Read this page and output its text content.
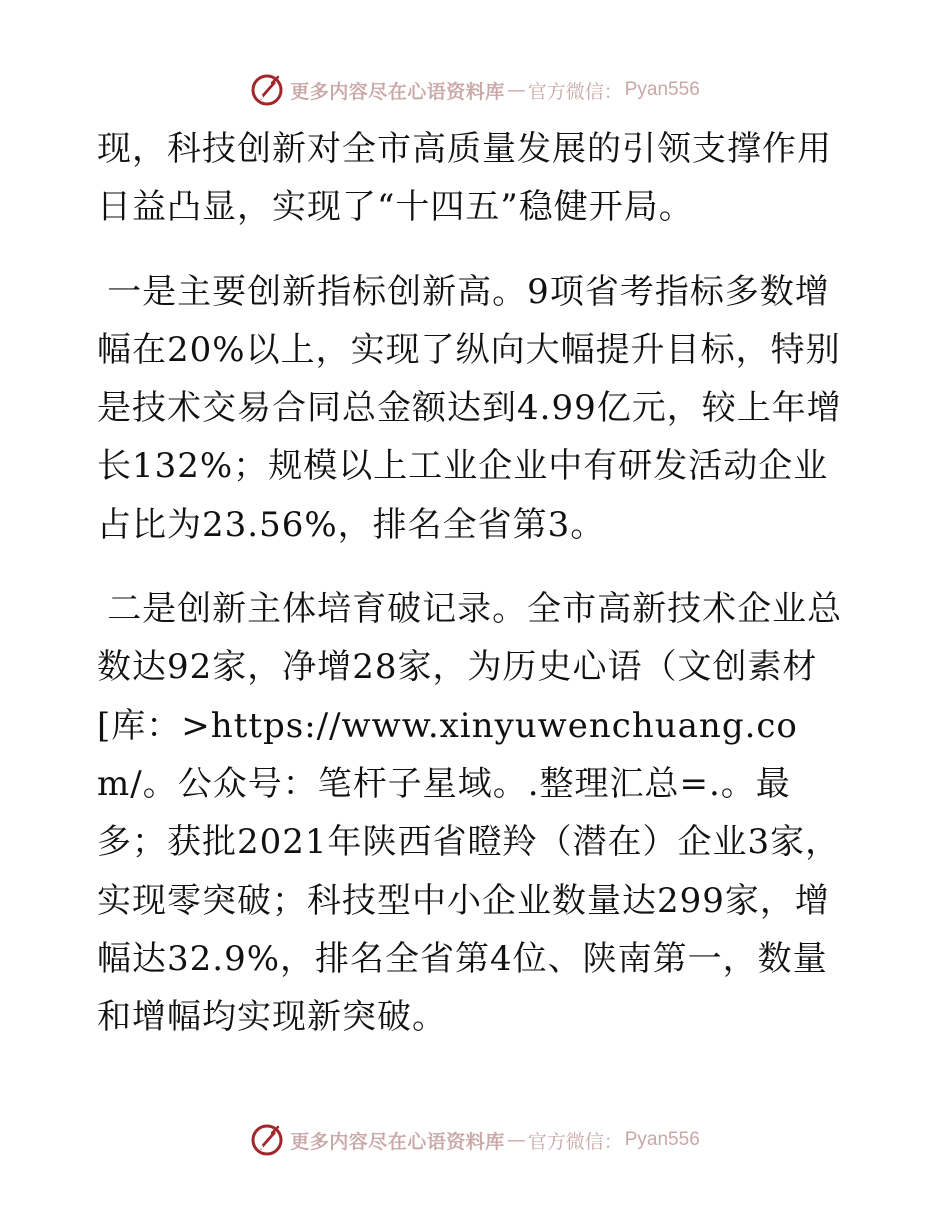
更多内容尽在心语资料库 — 官方微信： Pyan556

现，科技创新对全市高质量发展的引领支撑作用日益凸显，实现了“十四五”稳健开局。

一是主要创新指标创新高。9项省考指标多数增幅在20%以上，实现了纵向大幅提升目标，特别是技术交易合同总金额达到4.99亿元，较上年增长132%；规模以上工业企业中有研发活动企业占比为23.56%，排名全省第3。

二是创新主体培育破记录。全市高新技术企业总数达92家，净增28家，为历史心语（文创素材[库：>https://www.xinyuwenchuang.com/。公众号：笔杆子星域。.整理汇总=.。最多；获批2021年陕西省瞪羚（潜在）企业3家，实现零突破；科技型中小企业数量达299家，增幅达32.9%，排名全省第4位、陕南第一，数量和增幅均实现新突破。

更多内容尽在心语资料库 — 官方微信： Pyan556
